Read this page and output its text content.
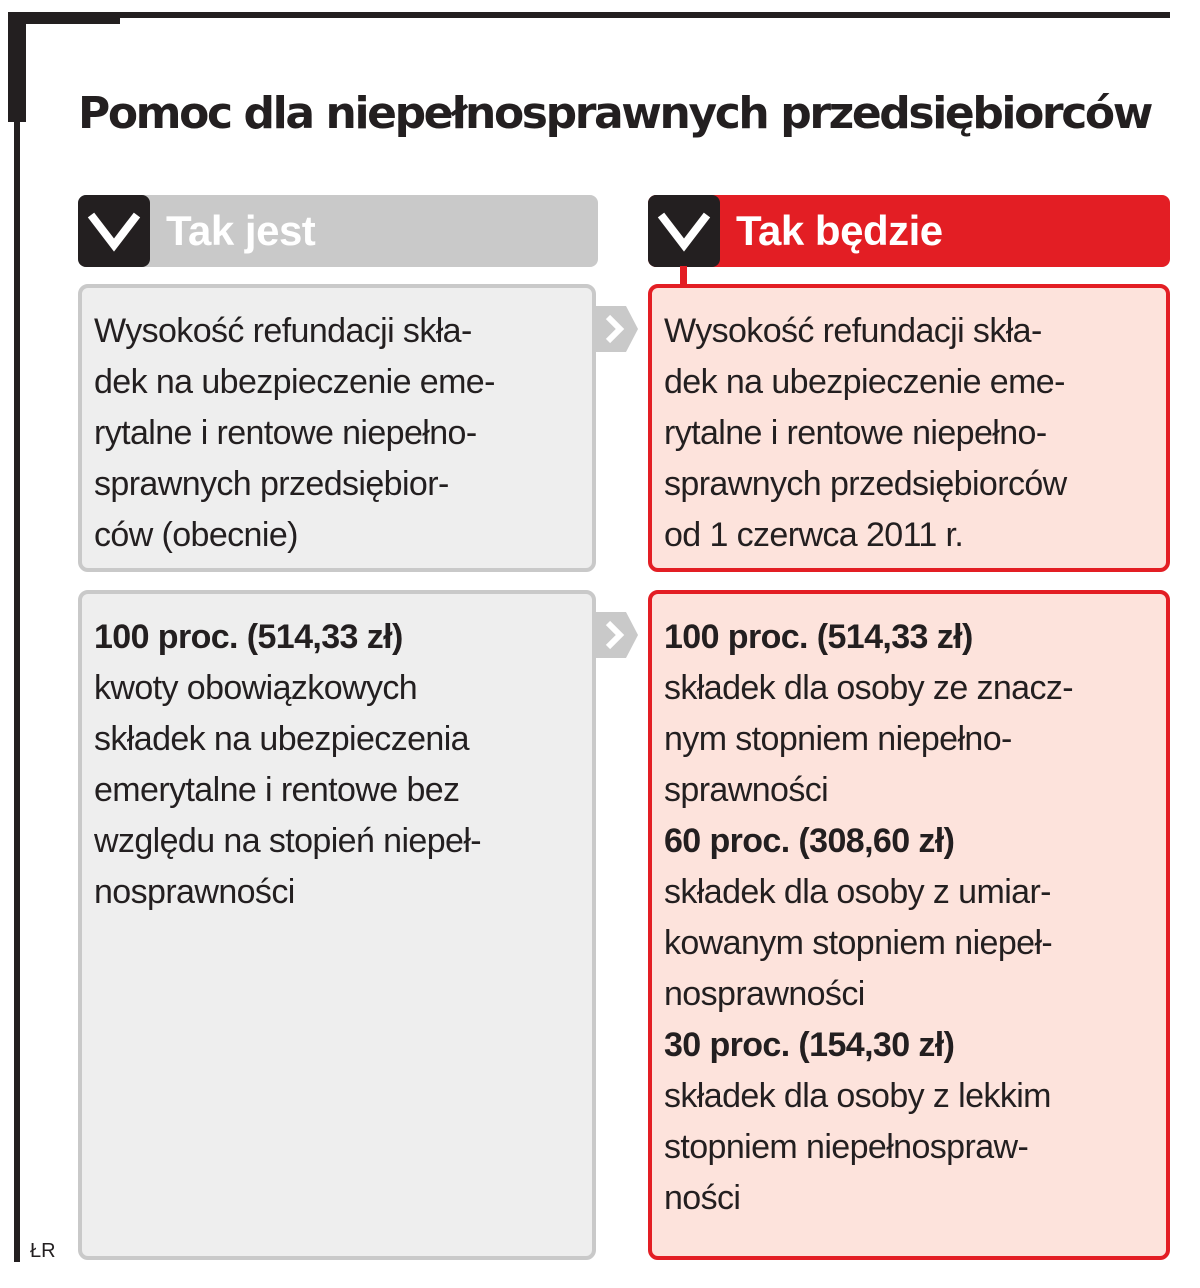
Pomoc dla niepełnosprawnych przedsiębiorców

Tak jest	Tak będzie

Wysokość refundacji skła-

dek na ubezpieczenie eme-

rytalne i rentowe niepełno-

sprawnych przedsiębior-

ców (obecnie)

Wysokość refundacji skła-

dek na ubezpieczenie eme-

rytalne i rentowe niepełno-

sprawnych przedsiębiorców

od 1 czerwca 2011 r.

100 proc. (514,33 zł)

kwoty obowiązkowych

składek na ubezpieczenia

emerytalne i rentowe bez

względu na stopień niepeł-

nosprawności

100 proc. (514,33 zł)

składek dla osoby ze znacz-

nym stopniem niepełno-

sprawności

60 proc. (308,60 zł)

składek dla osoby z umiar-

kowanym stopniem niepeł-

nosprawności

30 proc. (154,30 zł)

składek dla osoby z lekkim

stopniem niepełnospraw-

ności

ŁR
